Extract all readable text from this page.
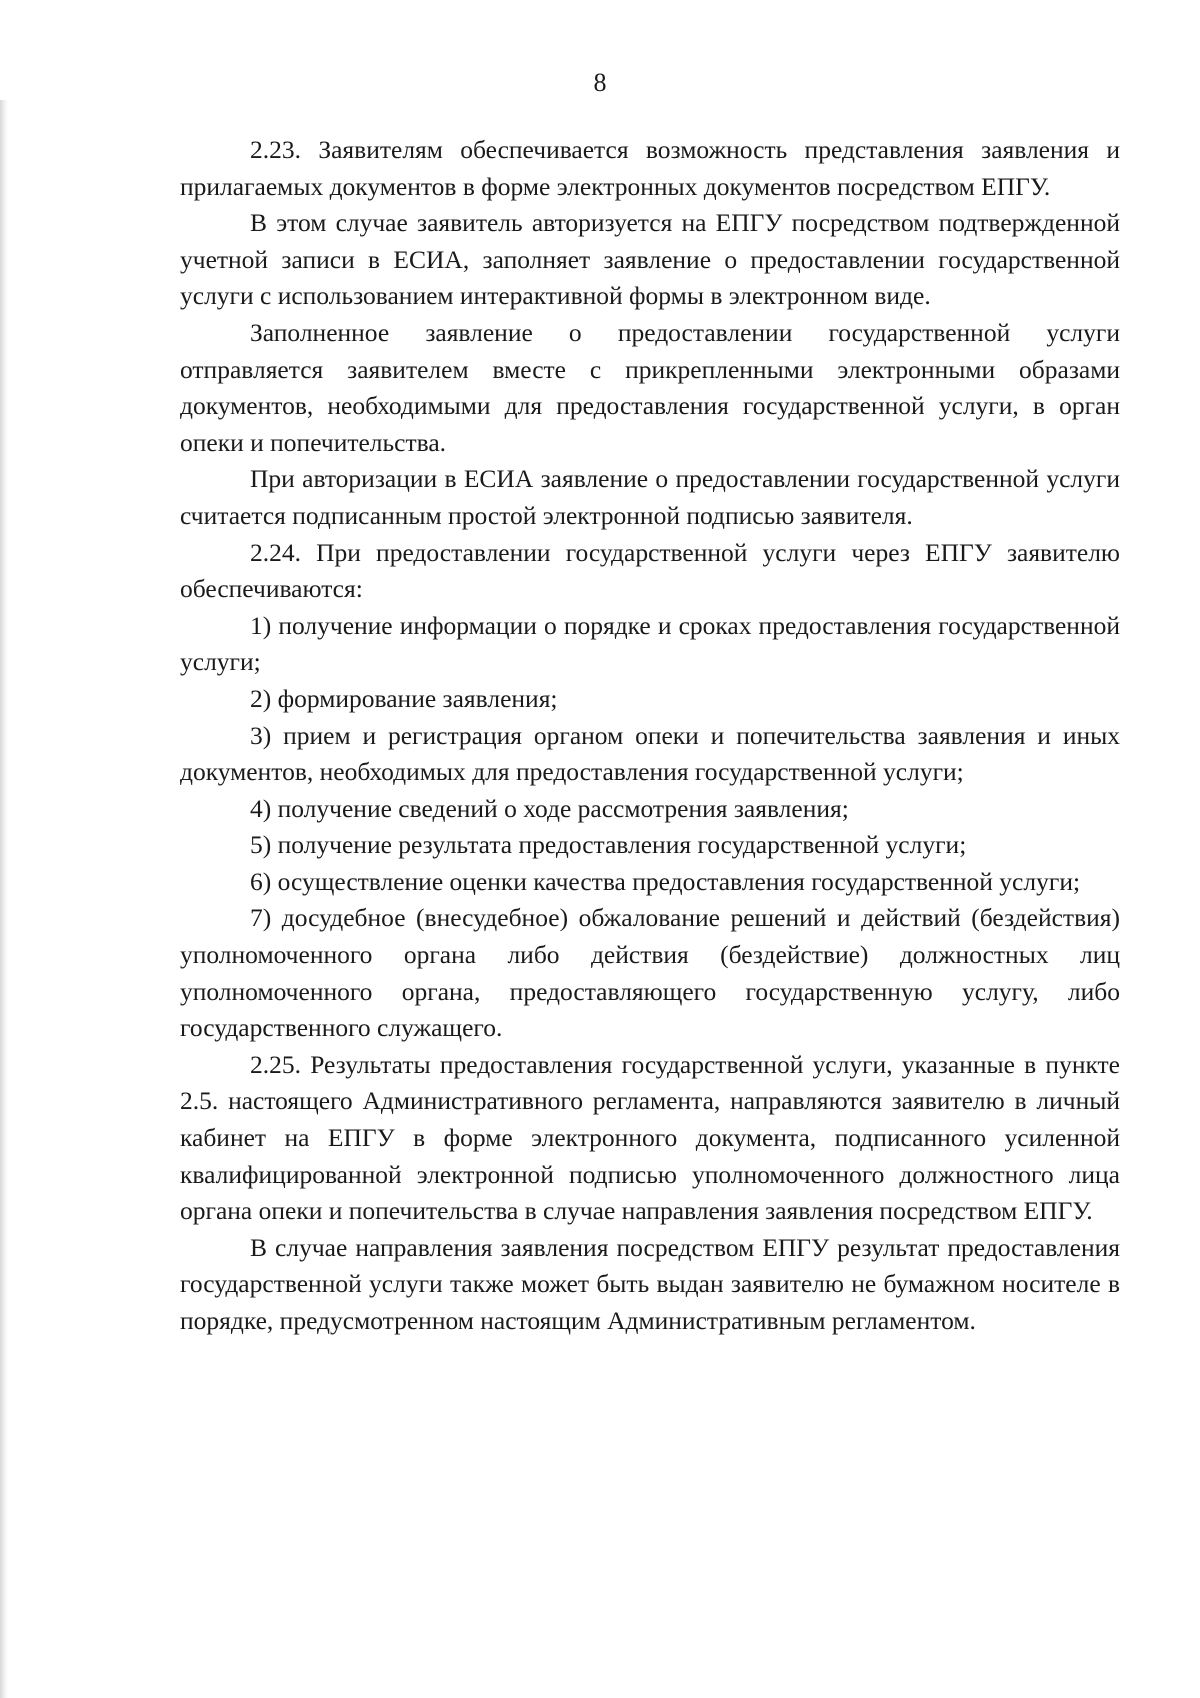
8

2.23. Заявителям обеспечивается возможность представления заявления и прилагаемых документов в форме электронных документов посредством ЕПГУ.

В этом случае заявитель авторизуется на ЕПГУ посредством подтвержденной учетной записи в ЕСИА, заполняет заявление о предоставлении государственной услуги с использованием интерактивной формы в электронном виде.

Заполненное заявление о предоставлении государственной услуги отправляется заявителем вместе с прикрепленными электронными образами документов, необходимыми для предоставления государственной услуги, в орган опеки и попечительства.

При авторизации в ЕСИА заявление о предоставлении государственной услуги считается подписанным простой электронной подписью заявителя.

2.24. При предоставлении государственной услуги через ЕПГУ заявителю обеспечиваются:

1) получение информации о порядке и сроках предоставления государственной услуги;

2) формирование заявления;

3) прием и регистрация органом опеки и попечительства заявления и иных документов, необходимых для предоставления государственной услуги;

4) получение сведений о ходе рассмотрения заявления;

5) получение результата предоставления государственной услуги;

6) осуществление оценки качества предоставления государственной услуги;

7) досудебное (внесудебное) обжалование решений и действий (бездействия) уполномоченного органа либо действия (бездействие) должностных лиц уполномоченного органа, предоставляющего государственную услугу, либо государственного служащего.

2.25. Результаты предоставления государственной услуги, указанные в пункте 2.5. настоящего Административного регламента, направляются заявителю в личный кабинет на ЕПГУ в форме электронного документа, подписанного усиленной квалифицированной электронной подписью уполномоченного должностного лица органа опеки и попечительства в случае направления заявления посредством ЕПГУ.

В случае направления заявления посредством ЕПГУ результат предоставления государственной услуги также может быть выдан заявителю не бумажном носителе в порядке, предусмотренном настоящим Административным регламентом.
